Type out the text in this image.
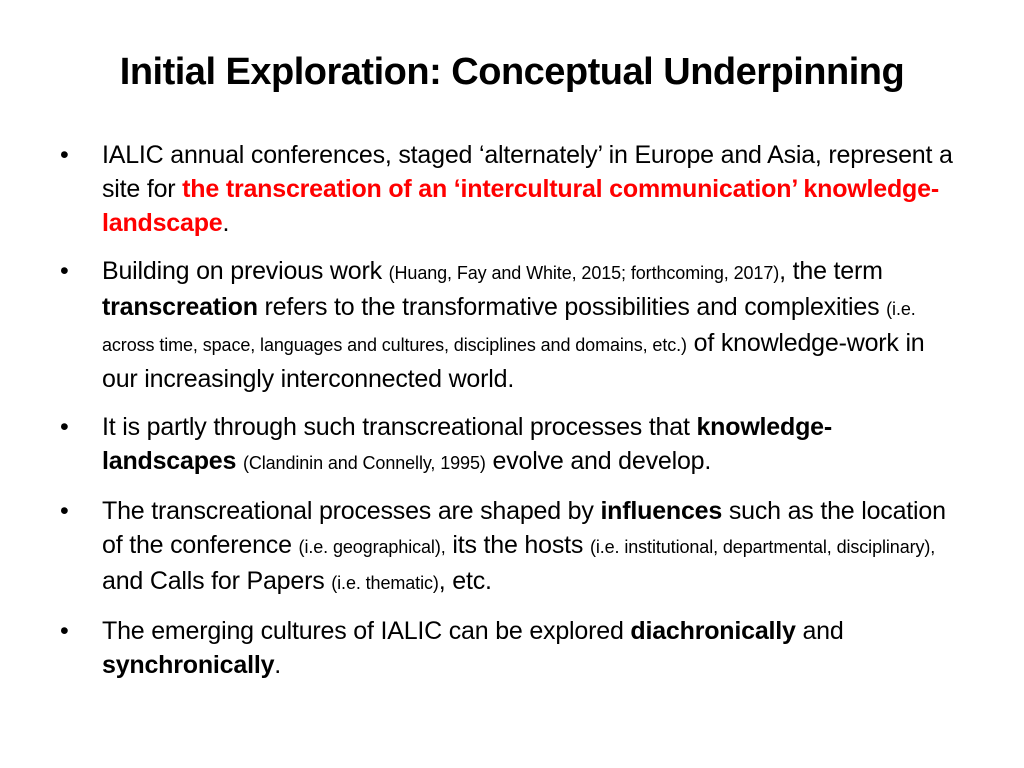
Initial Exploration: Conceptual Underpinning
• IALIC annual conferences, staged ‘alternately’ in Europe and Asia, represent a site for the transcreation of an ‘intercultural communication’ knowledge-landscape.
• Building on previous work (Huang, Fay and White, 2015; forthcoming, 2017), the term transcreation refers to the transformative possibilities and complexities (i.e. across time, space, languages and cultures, disciplines and domains, etc.) of knowledge-work in our increasingly interconnected world.
• It is partly through such transcreational processes that knowledge-landscapes (Clandinin and Connelly, 1995) evolve and develop.
• The transcreational processes are shaped by influences such as the location of the conference (i.e. geographical), its the hosts (i.e. institutional, departmental, disciplinary), and Calls for Papers (i.e. thematic), etc.
• The emerging cultures of IALIC can be explored diachronically and synchronically.
